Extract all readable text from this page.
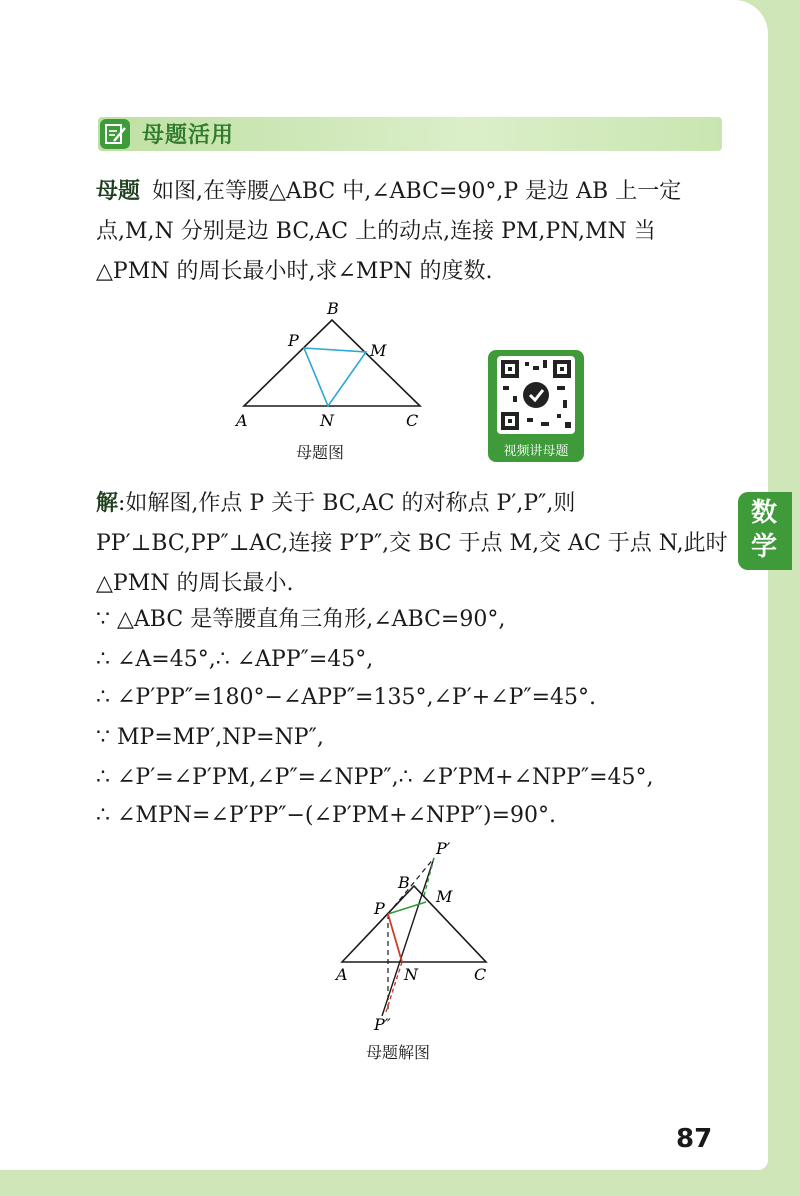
母题活用

母题 如图,在等腰△ABC 中,∠ABC=90°,P 是边 AB 上一定点,M,N 分别是边 BC,AC 上的动点,连接 PM,PN,MN 当△PMN 的周长最小时,求∠MPN 的度数.

B
P
M
A	N	C
母题图	视频讲母题
数学

解:如解图,作点 P 关于 BC,AC 的对称点 P′,P″,则 PP′⊥BC,PP″⊥AC,连接 P′P″,交 BC 于点 M,交 AC 于点 N,此时△PMN 的周长最小.

∵ △ABC 是等腰直角三角形,∠ABC=90°,
∴ ∠A=45°,∴ ∠APP″=45°,
∴ ∠P′PP″=180°−∠APP″=135°,∠P′+∠P″=45°.
∵ MP=MP′,NP=NP″,
∴ ∠P′=∠P′PM,∠P″=∠NPP″,∴ ∠P′PM+∠NPP″=45°,
∴ ∠MPN=∠P′PP″−(∠P′PM+∠NPP″)=90°.
P′
B
M
P
A	N	C
P″
母题解图
87
